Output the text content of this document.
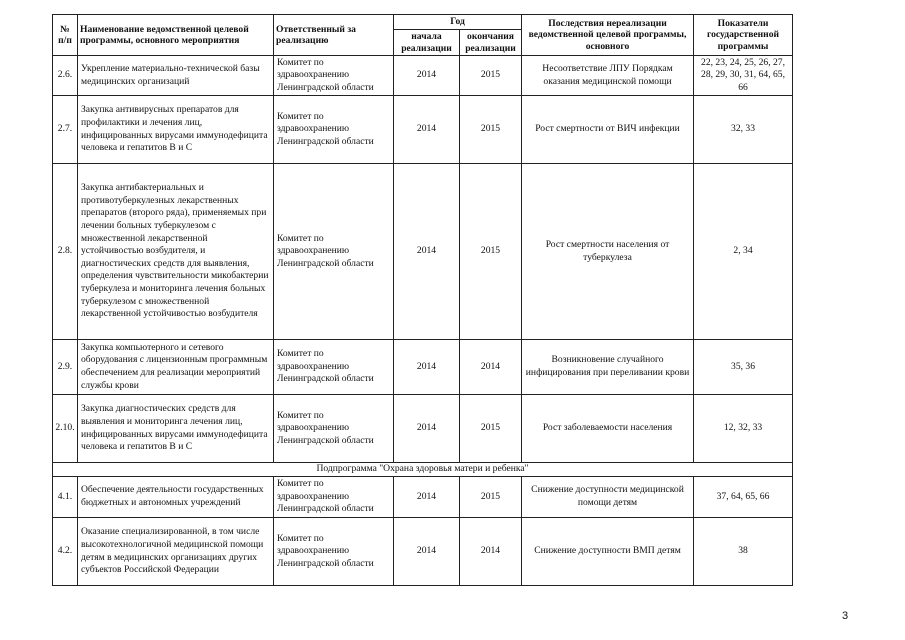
№ п/п	Наименование ведомственной целевой программы, основного мероприятия	Ответственный за реализацию	Год		Последствия нереализации ведомственной целевой программы, основного	Показатели государственной программы
			начала реализации	окончания реализации		
2.6.	Укрепление материально-технической базы медицинских организаций	Комитет по здравоохранению Ленинградской области	2014	2015	Несоответствие ЛПУ Порядкам оказания медицинской помощи	22, 23, 24, 25, 26, 27, 28, 29, 30, 31, 64, 65, 66
2.7.	Закупка антивирусных препаратов для профилактики и лечения лиц, инфицированных вирусами иммунодефицита человека и гепатитов В и С	Комитет по здравоохранению Ленинградской области	2014	2015	Рост смертности от ВИЧ инфекции	32, 33
2.8.	Закупка антибактериальных и противотуберкулезных лекарственных препаратов (второго ряда), применяемых при лечении больных туберкулезом с множественной лекарственной устойчивостью возбудителя, и диагностических средств для выявления, определения чувствительности микобактерии туберкулеза и мониторинга лечения больных туберкулезом с множественной лекарственной устойчивостью возбудителя	Комитет по здравоохранению Ленинградской области	2014	2015	Рост смертности населения от туберкулеза	2, 34
2.9.	Закупка компьютерного и сетевого оборудования с лицензионным программным обеспечением для реализации мероприятий службы крови	Комитет по здравоохранению Ленинградской области	2014	2014	Возникновение случайного инфицирования при переливании крови	35, 36
2.10.	Закупка диагностических средств для выявления и мониторинга лечения лиц, инфицированных вирусами иммунодефицита человека и гепатитов В и С	Комитет по здравоохранению Ленинградской области	2014	2015	Рост заболеваемости населения	12, 32, 33
Подпрограмма "Охрана здоровья матери и ребенка"						
4.1.	Обеспечение деятельности государственных бюджетных и автономных учреждений	Комитет по здравоохранению Ленинградской области	2014	2015	Снижение доступности медицинской помощи детям	37, 64, 65, 66
4.2.	Оказание специализированной, в том числе высокотехнологичной медицинской помощи детям в медицинских организациях других субъектов Российской Федерации	Комитет по здравоохранению Ленинградской области	2014	2014	Снижение доступности ВМП детям	38
3
